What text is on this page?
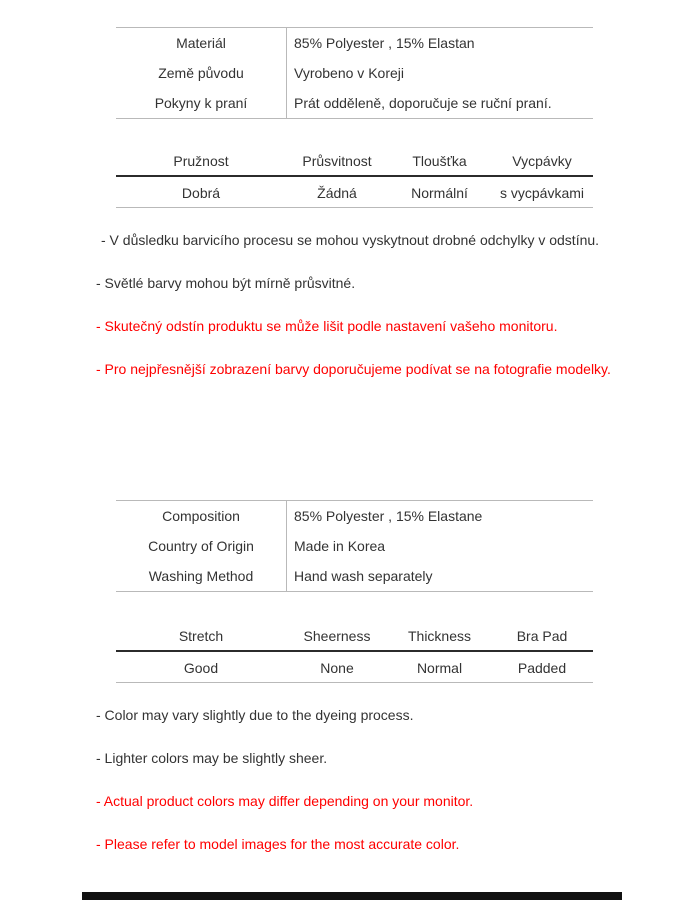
Materiál	85% Polyester , 15% Elastan
Země původu	Vyrobeno v Koreji
Pokyny k praní	Prát odděleně, doporučuje se ruční praní.
Pružnost	Průsvitnost	Tloušťka	Vycpávky
Dobrá	Žádná	Normální	s vycpávkami
- V důsledku barvicího procesu se mohou vyskytnout drobné odchylky v odstínu.
- Světlé barvy mohou být mírně průsvitné.
- Skutečný odstín produktu se může lišit podle nastavení vašeho monitoru.
- Pro nejpřesnější zobrazení barvy doporučujeme podívat se na fotografie modelky.
Composition	85% Polyester , 15% Elastane
Country of Origin	Made in Korea
Washing Method	Hand wash separately
Stretch	Sheerness	Thickness	Bra Pad
Good	None	Normal	Padded
- Color may vary slightly due to the dyeing process.
- Lighter colors may be slightly sheer.
- Actual product colors may differ depending on your monitor.
- Please refer to model images for the most accurate color.
